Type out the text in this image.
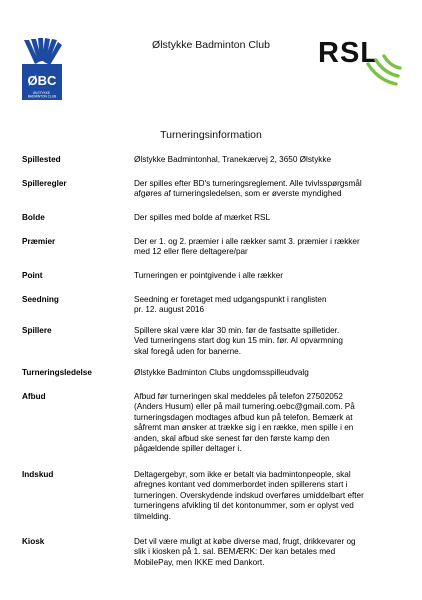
ØBC
ØLSTYKKE BADMINTON CLUB
Ølstykke Badminton Club	RSL
Turneringsinformation
Spillested	Ølstykke Badmintonhal, Tranekærvej 2, 3650 Ølstykke
Spilleregler	Der spilles efter BD's turneringsreglement. Alle tvivlsspørgsmål
afgøres af turneringsledelsen, som er øverste myndighed
Bolde	Der spilles med bolde af mærket RSL
Præmier	Der er 1. og 2. præmier i alle rækker samt 3. præmier i rækker
med 12 eller flere deltagere/par
Point	Turneringen er pointgivende i alle rækker
Seedning	Seedning er foretaget med udgangspunkt i ranglisten
pr. 12. august 2016
Spillere	Spillere skal være klar 30 min. før de fastsatte spilletider.
Ved turneringens start dog kun 15 min. før. Al opvarmning
skal foregå uden for banerne.
Turneringsledelse	Ølstykke Badminton Clubs ungdomsspilleudvalg
Afbud	Afbud før turneringen skal meddeles på telefon 27502052
(Anders Husum) eller på mail turnering.oebc@gmail.com. På
turneringsdagen modtages afbud kun på telefon. Bemærk at
såfremt man ønsker at trække sig i en række, men spille i en
anden, skal afbud ske senest før den første kamp den
pågældende spiller deltager i.
Indskud	Deltagergebyr, som ikke er betalt via badmintonpeople, skal
afregnes kontant ved dommerbordet inden spillerens start i
turneringen. Overskydende indskud overføres umiddelbart efter
turneringens afvikling til det kontonummer, som er oplyst ved
tilmelding.
Kiosk	Det vil være muligt at købe diverse mad, frugt, drikkevarer og
slik i kiosken på 1. sal. BEMÆRK: Der kan betales med
MobilePay, men IKKE med Dankort.
